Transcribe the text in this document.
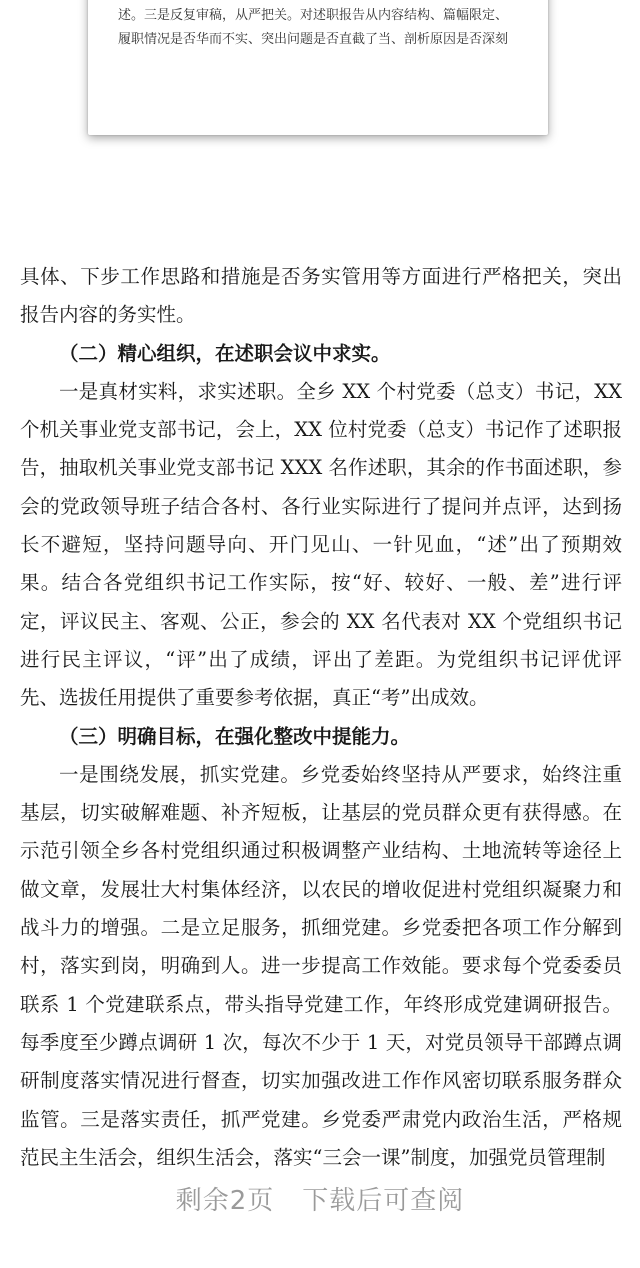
述。三是反复审稿，从严把关。对述职报告从内容结构、篇幅限定、
履职情况是否华而不实、突出问题是否直截了当、剖析原因是否深刻

具体、下步工作思路和措施是否务实管用等方面进行严格把关，突出报告内容的务实性。

（二）精心组织，在述职会议中求实。

一是真材实料，求实述职。全乡 XX 个村党委（总支）书记，XX 个机关事业党支部书记，会上，XX 位村党委（总支）书记作了述职报告，抽取机关事业党支部书记 XXX 名作述职，其余的作书面述职，参会的党政领导班子结合各村、各行业实际进行了提问并点评，达到扬长不避短，坚持问题导向、开门见山、一针见血，“述”出了预期效果。结合各党组织书记工作实际，按“好、较好、一般、差”进行评定，评议民主、客观、公正，参会的 XX 名代表对 XX 个党组织书记进行民主评议，“评”出了成绩，评出了差距。为党组织书记评优评先、选拔任用提供了重要参考依据，真正“考”出成效。

（三）明确目标，在强化整改中提能力。

一是围绕发展，抓实党建。乡党委始终坚持从严要求，始终注重基层，切实破解难题、补齐短板，让基层的党员群众更有获得感。在示范引领全乡各村党组织通过积极调整产业结构、土地流转等途径上做文章，发展壮大村集体经济，以农民的增收促进村党组织凝聚力和战斗力的增强。二是立足服务，抓细党建。乡党委把各项工作分解到村，落实到岗，明确到人。进一步提高工作效能。要求每个党委委员联系 1 个党建联系点，带头指导党建工作，年终形成党建调研报告。每季度至少蹲点调研 1 次，每次不少于 1 天，对党员领导干部蹲点调研制度落实情况进行督查，切实加强改进工作作风密切联系服务群众监管。三是落实责任，抓严党建。乡党委严肃党内政治生活，严格规范民主生活会，组织生活会，落实“三会一课”制度，加强党员管理制

剩余2页 下载后可查阅
